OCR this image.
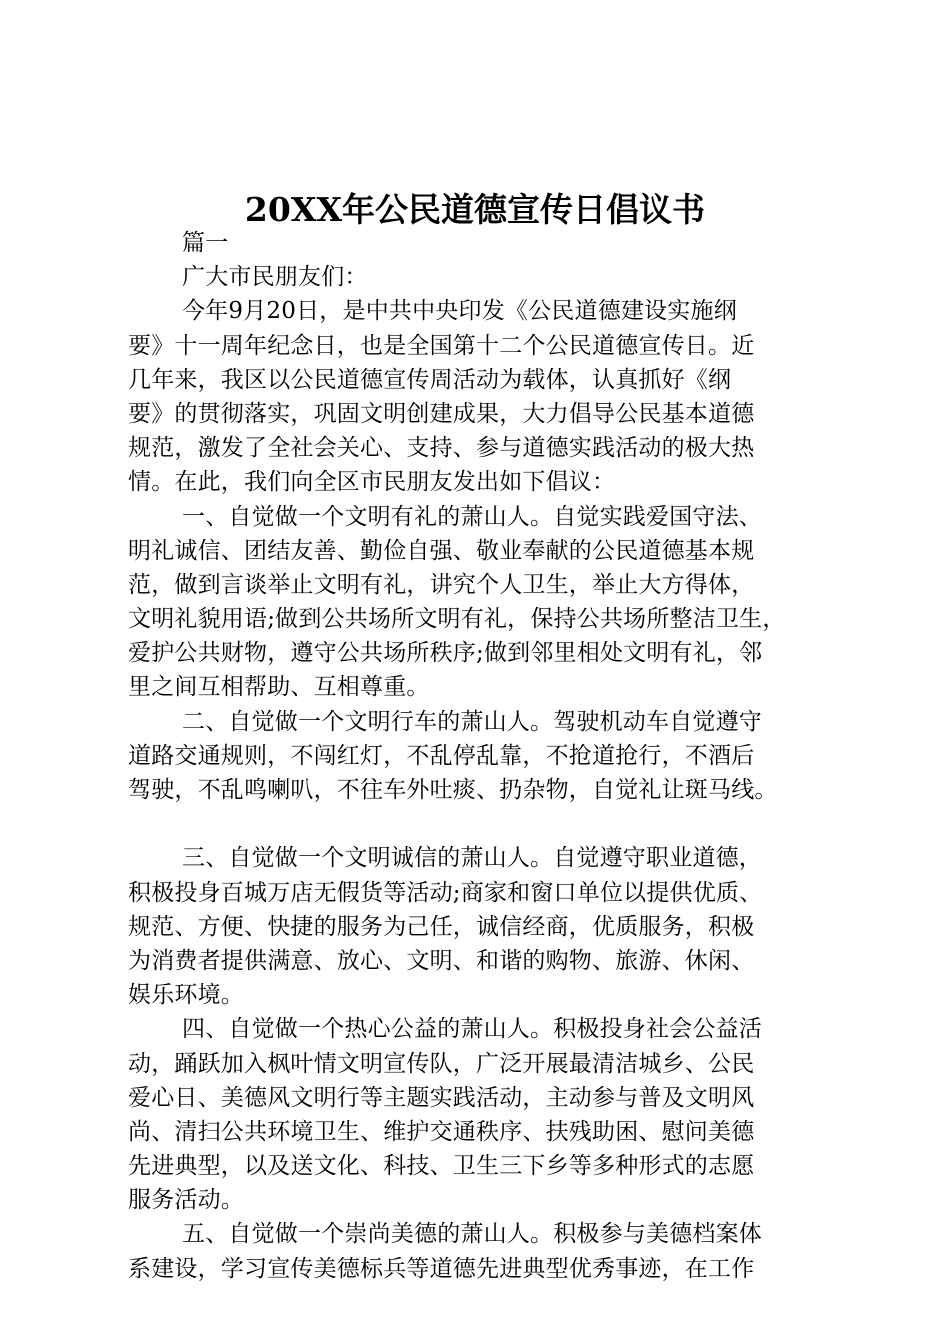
20XX年公民道德宣传日倡议书
篇一
广大市民朋友们：
今年9月20日，是中共中央印发《公民道德建设实施纲
要》十一周年纪念日，也是全国第十二个公民道德宣传日。近
几年来，我区以公民道德宣传周活动为载体，认真抓好《纲
要》的贯彻落实，巩固文明创建成果，大力倡导公民基本道德
规范，激发了全社会关心、支持、参与道德实践活动的极大热
情。在此，我们向全区市民朋友发出如下倡议：
一、自觉做一个文明有礼的萧山人。自觉实践爱国守法、
明礼诚信、团结友善、勤俭自强、敬业奉献的公民道德基本规
范，做到言谈举止文明有礼，讲究个人卫生，举止大方得体，
文明礼貌用语;做到公共场所文明有礼，保持公共场所整洁卫生，
爱护公共财物，遵守公共场所秩序;做到邻里相处文明有礼，邻
里之间互相帮助、互相尊重。
二、自觉做一个文明行车的萧山人。驾驶机动车自觉遵守
道路交通规则，不闯红灯，不乱停乱靠，不抢道抢行，不酒后
驾驶，不乱鸣喇叭，不往车外吐痰、扔杂物，自觉礼让斑马线。
三、自觉做一个文明诚信的萧山人。自觉遵守职业道德，
积极投身百城万店无假货等活动;商家和窗口单位以提供优质、
规范、方便、快捷的服务为己任，诚信经商，优质服务，积极
为消费者提供满意、放心、文明、和谐的购物、旅游、休闲、
娱乐环境。
四、自觉做一个热心公益的萧山人。积极投身社会公益活
动，踊跃加入枫叶情文明宣传队，广泛开展最清洁城乡、公民
爱心日、美德风文明行等主题实践活动，主动参与普及文明风
尚、清扫公共环境卫生、维护交通秩序、扶残助困、慰问美德
先进典型，以及送文化、科技、卫生三下乡等多种形式的志愿
服务活动。
五、自觉做一个崇尚美德的萧山人。积极参与美德档案体
系建设，学习宣传美德标兵等道德先进典型优秀事迹，在工作
